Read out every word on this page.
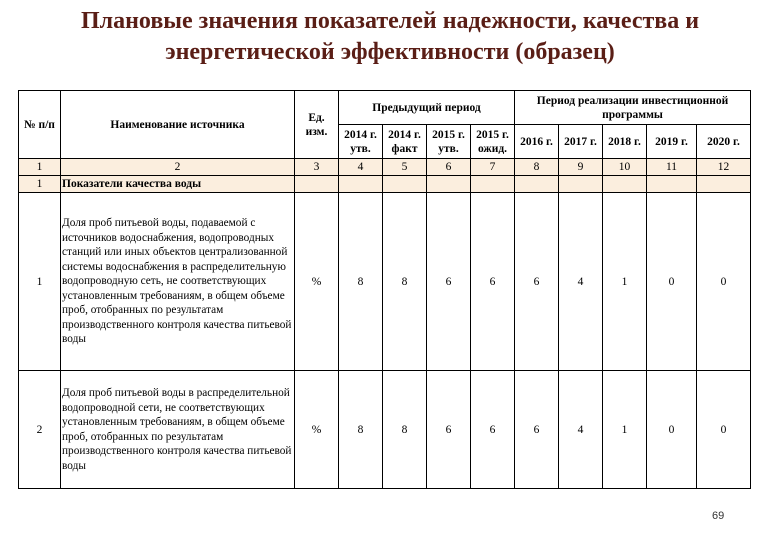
Плановые значения показателей надежности, качества и энергетической эффективности (образец)
№ п/п	Наименование источника	Ед. изм.	Предыдущий период				Период реализации инвестиционной программы				
			2014 г. утв.	2014 г. факт	2015 г. утв.	2015 г. ожид.	2016 г.	2017 г.	2018 г.	2019 г.	2020 г.
1	2	3	4	5	6	7	8	9	10	11	12
1	Показатели качества воды										
1	Доля проб питьевой воды, подаваемой с источников водоснабжения, водопроводных станций или иных объектов централизованной системы водоснабжения в распределительную водопроводную сеть, не соответствующих установленным требованиям, в общем объеме проб, отобранных по результатам производственного контроля качества питьевой воды	%	8	8	6	6	6	4	1	0	0
2	Доля проб питьевой воды в распределительной водопроводной сети, не соответствующих установленным требованиям, в общем объеме проб, отобранных по результатам производственного контроля качества питьевой воды	%	8	8	6	6	6	4	1	0	0
69
